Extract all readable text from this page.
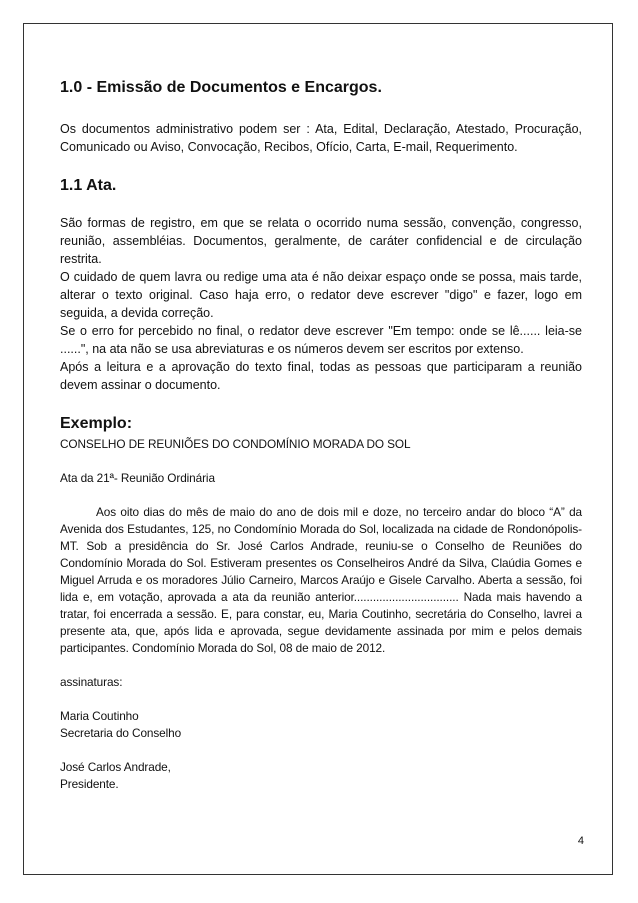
1.0 - Emissão de Documentos e Encargos.

Os documentos administrativo podem ser : Ata, Edital, Declaração, Atestado, Procuração, Comunicado ou Aviso, Convocação, Recibos, Ofício, Carta, E-mail, Requerimento.

1.1 Ata.

São formas de registro, em que se relata o ocorrido numa sessão, convenção, congresso, reunião, assembléias. Documentos, geralmente, de caráter confidencial e de circulação restrita.

O cuidado de quem lavra ou redige uma ata é não deixar espaço onde se possa, mais tarde, alterar o texto original. Caso haja erro, o redator deve escrever "digo" e fazer, logo em seguida, a devida correção.

Se o erro for percebido no final, o redator deve escrever "Em tempo: onde se lê...... leia-se ......", na ata não se usa abreviaturas e os números devem ser escritos por extenso.

Após a leitura e a aprovação do texto final, todas as pessoas que participaram a reunião devem assinar o documento.

Exemplo:

CONSELHO DE REUNIÕES DO CONDOMÍNIO MORADA DO SOL

Ata da 21ª- Reunião Ordinária

Aos oito dias do mês de maio do ano de dois mil e doze, no terceiro andar do bloco “A” da Avenida dos Estudantes, 125, no Condomínio Morada do Sol, localizada na cidade de Rondonópolis-MT. Sob a presidência do Sr. José Carlos Andrade, reuniu-se o Conselho de Reuniões do Condomínio Morada do Sol. Estiveram presentes os Conselheiros André da Silva, Claúdia Gomes e Miguel Arruda e os moradores Júlio Carneiro, Marcos Araújo e Gisele Carvalho. Aberta a sessão, foi lida e, em votação, aprovada a ata da reunião anterior................................. Nada mais havendo a tratar, foi encerrada a sessão. E, para constar, eu, Maria Coutinho, secretária do Conselho, lavrei a presente ata, que, após lida e aprovada, segue devidamente assinada por mim e pelos demais participantes. Condomínio Morada do Sol, 08 de maio de 2012.

assinaturas:

Maria Coutinho

Secretaria do Conselho

José Carlos Andrade,

Presidente.

4
